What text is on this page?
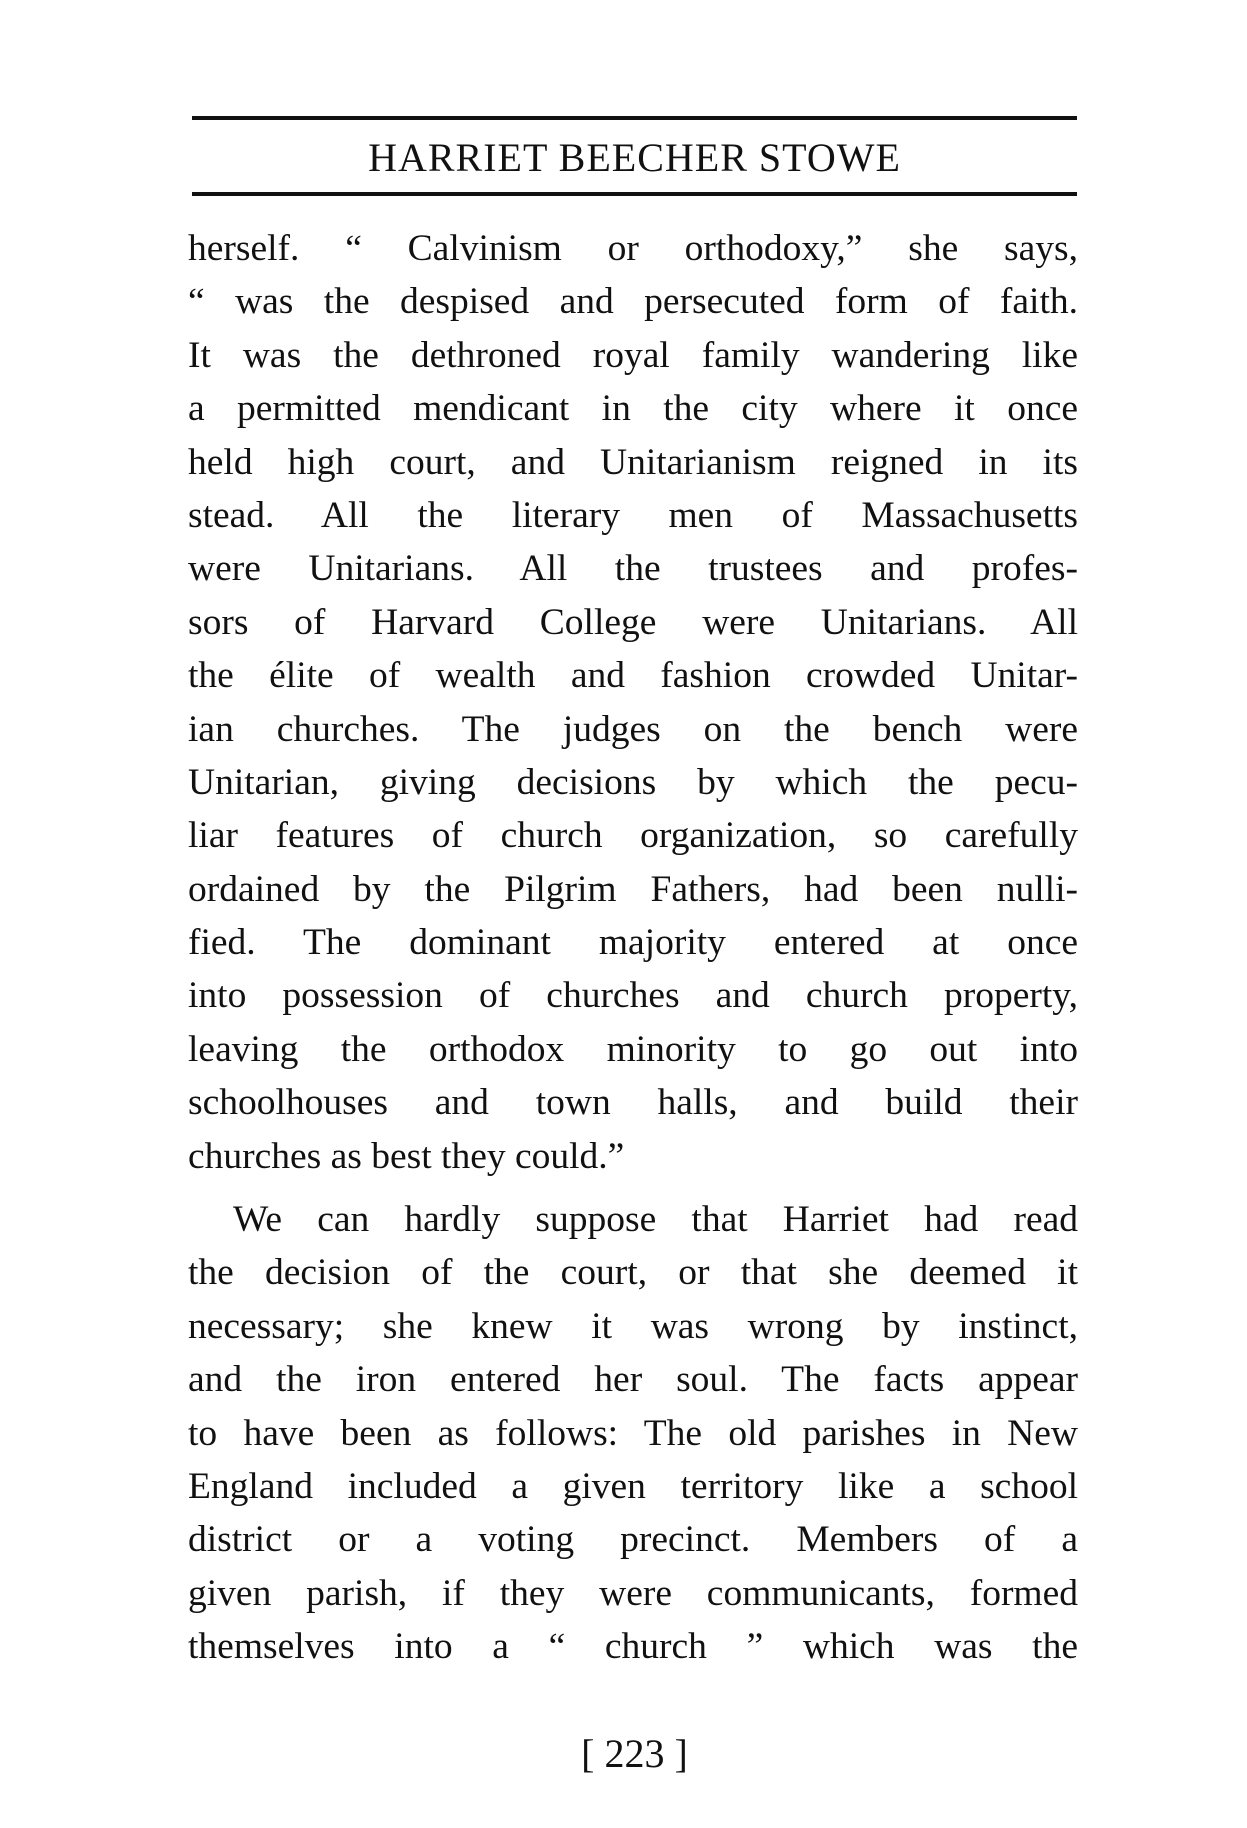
HARRIET BEECHER STOWE
herself. “ Calvinism or orthodoxy,” she says,
“ was the despised and persecuted form of faith.
It was the dethroned royal family wandering like
a permitted mendicant in the city where it once
held high court, and Unitarianism reigned in its
stead. All the literary men of Massachusetts
were Unitarians. All the trustees and profes-
sors of Harvard College were Unitarians. All
the élite of wealth and fashion crowded Unitar-
ian churches. The judges on the bench were
Unitarian, giving decisions by which the pecu-
liar features of church organization, so carefully
ordained by the Pilgrim Fathers, had been nulli-
fied. The dominant majority entered at once
into possession of churches and church property,
leaving the orthodox minority to go out into
schoolhouses and town halls, and build their
churches as best they could.”
We can hardly suppose that Harriet had read
the decision of the court, or that she deemed it
necessary; she knew it was wrong by instinct,
and the iron entered her soul. The facts appear
to have been as follows: The old parishes in New
England included a given territory like a school
district or a voting precinct. Members of a
given parish, if they were communicants, formed
themselves into a “ church ” which was the
[ 223 ]
